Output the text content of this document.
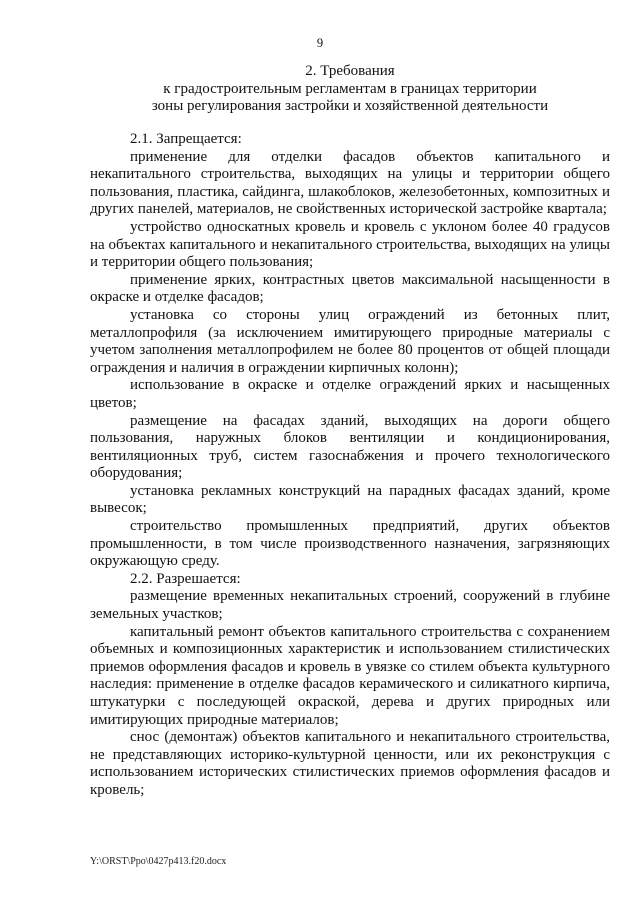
9
2. Требования
к градостроительным регламентам в границах территории
зоны регулирования застройки и хозяйственной деятельности

2.1. Запрещается:

применение для отделки фасадов объектов капитального и некапитального строительства, выходящих на улицы и территории общего пользования, пластика, сайдинга, шлакоблоков, железобетонных, композитных и других панелей, материалов, не свойственных исторической застройке квартала;

устройство односкатных кровель и кровель с уклоном более 40 градусов на объектах капитального и некапитального строительства, выходящих на улицы и территории общего пользования;

применение ярких, контрастных цветов максимальной насыщенности в окраске и отделке фасадов;

установка со стороны улиц ограждений из бетонных плит, металлопрофиля (за исключением имитирующего природные материалы с учетом заполнения металлопрофилем не более 80 процентов от общей площади ограждения и наличия в ограждении кирпичных колонн);

использование в окраске и отделке ограждений ярких и насыщенных цветов;

размещение на фасадах зданий, выходящих на дороги общего пользования, наружных блоков вентиляции и кондиционирования, вентиляционных труб, систем газоснабжения и прочего технологического оборудования;

установка рекламных конструкций на парадных фасадах зданий, кроме вывесок;

строительство промышленных предприятий, других объектов промышленности, в том числе производственного назначения, загрязняющих окружающую среду.

2.2. Разрешается:

размещение временных некапитальных строений, сооружений в глубине земельных участков;

капитальный ремонт объектов капитального строительства с сохранением объемных и композиционных характеристик и использованием стилистических приемов оформления фасадов и кровель в увязке со стилем объекта культурного наследия: применение в отделке фасадов керамического и силикатного кирпича, штукатурки с последующей окраской, дерева и других природных или имитирующих природные материалов;

снос (демонтаж) объектов капитального и некапитального строительства, не представляющих историко-культурной ценности, или их реконструкция с использованием исторических стилистических приемов оформления фасадов и кровель;

Y:\ORST\Ppo\0427p413.f20.docx
